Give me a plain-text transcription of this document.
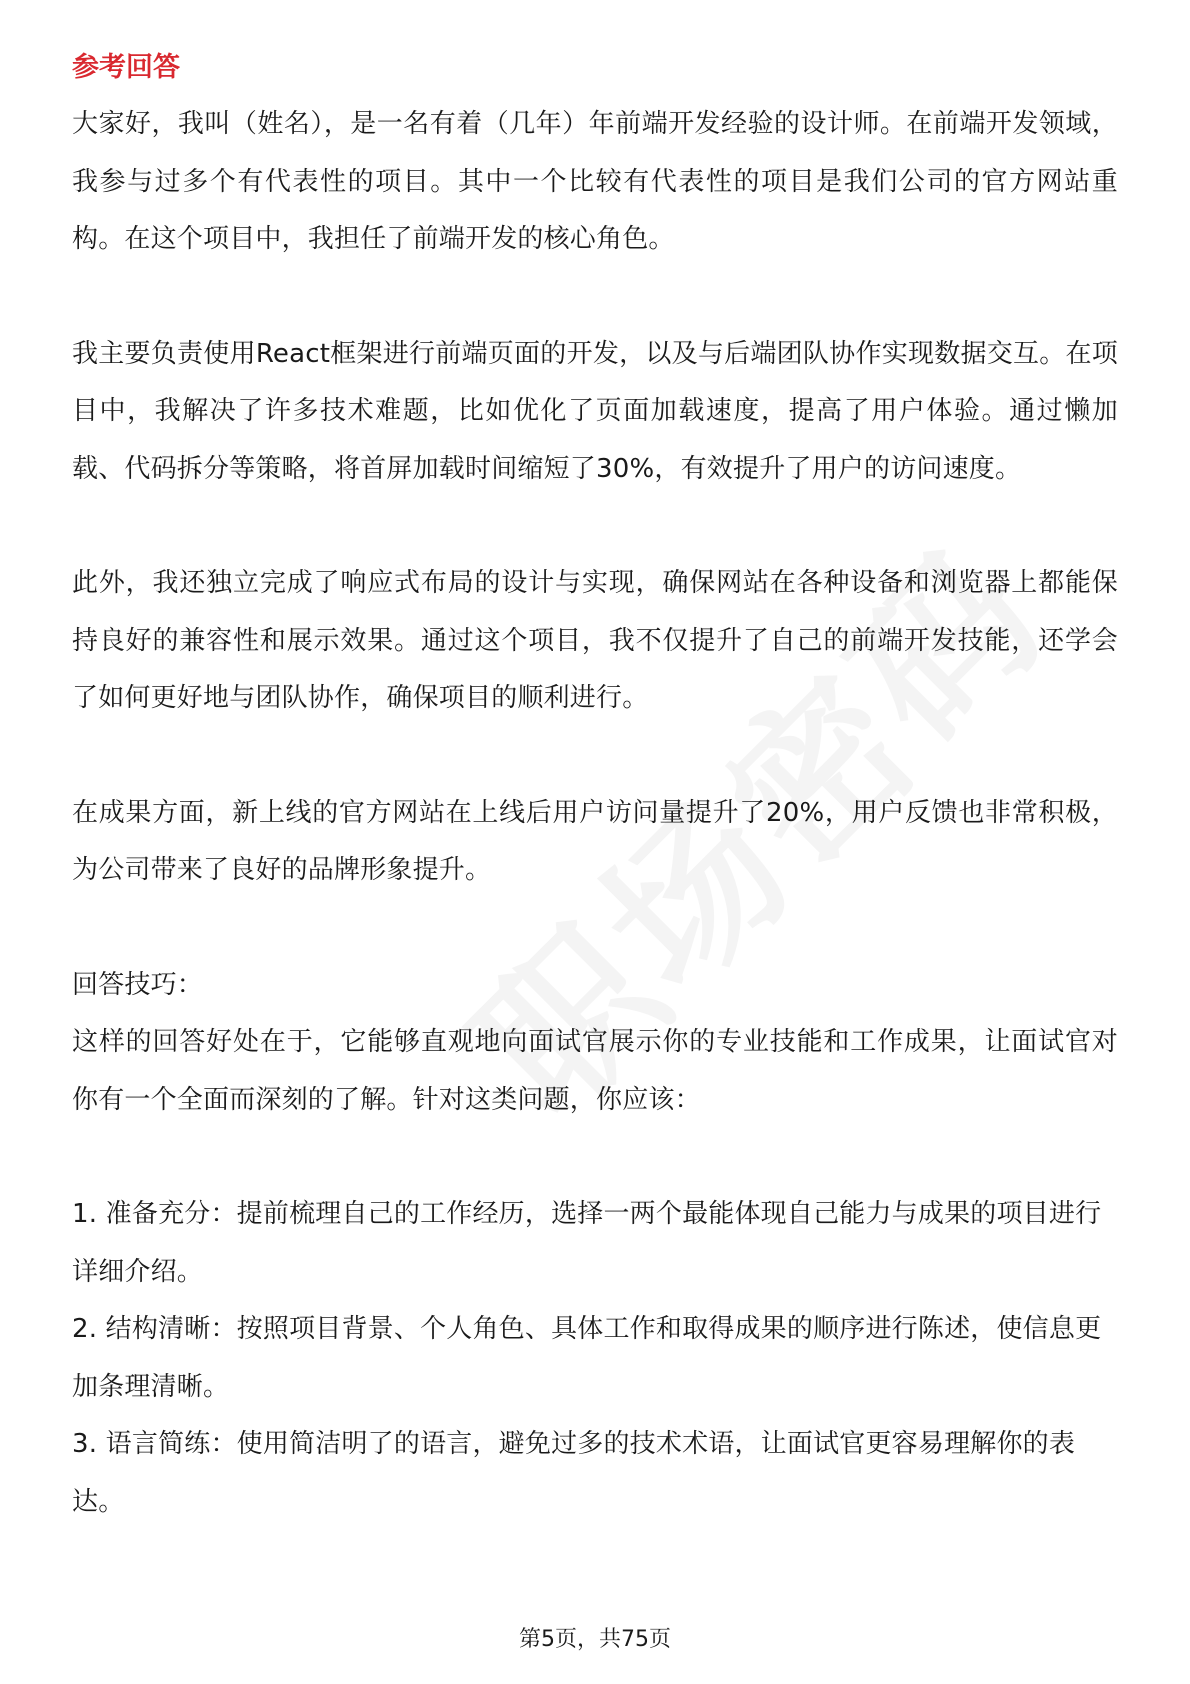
参考回答

大家好，我叫（姓名），是一名有着（几年）年前端开发经验的设计师。在前端开发领域，我参与过多个有代表性的项目。其中一个比较有代表性的项目是我们公司的官方网站重构。在这个项目中，我担任了前端开发的核心角色。

我主要负责使用React框架进行前端页面的开发，以及与后端团队协作实现数据交互。在项目中，我解决了许多技术难题，比如优化了页面加载速度，提高了用户体验。通过懒加载、代码拆分等策略，将首屏加载时间缩短了30%，有效提升了用户的访问速度。

此外，我还独立完成了响应式布局的设计与实现，确保网站在各种设备和浏览器上都能保持良好的兼容性和展示效果。通过这个项目，我不仅提升了自己的前端开发技能，还学会了如何更好地与团队协作，确保项目的顺利进行。

在成果方面，新上线的官方网站在上线后用户访问量提升了20%，用户反馈也非常积极，为公司带来了良好的品牌形象提升。

回答技巧：

这样的回答好处在于，它能够直观地向面试官展示你的专业技能和工作成果，让面试官对你有一个全面而深刻的了解。针对这类问题，你应该：

1. 准备充分：提前梳理自己的工作经历，选择一两个最能体现自己能力与成果的项目进行详细介绍。

2. 结构清晰：按照项目背景、个人角色、具体工作和取得成果的顺序进行陈述，使信息更加条理清晰。

3. 语言简练：使用简洁明了的语言，避免过多的技术术语，让面试官更容易理解你的表达。

第5页，共75页
